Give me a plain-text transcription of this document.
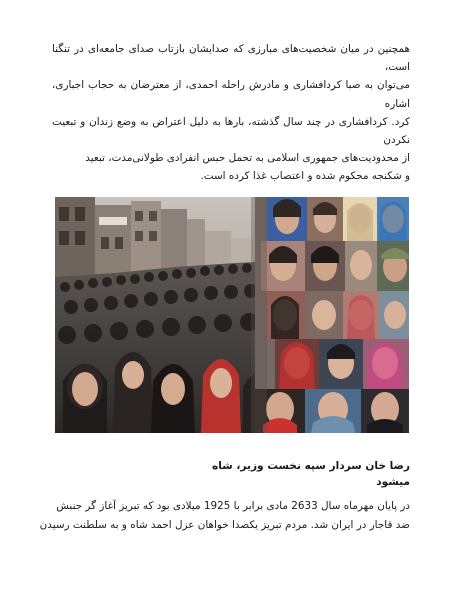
همچنین در میان شخصیت‌های مبارزی که صدایشان بازتاب صدای جامعه‌ای در تنگنا است،
می‌توان به صبا کردافشاری و مادرش راحله احمدی، از معترضان به حجاب اجباری، اشاره
کرد. کردافشاری در چند سال گذشته، بارها به دلیل اعتراض به وضع زندان و تبعیت نکردن
از محدودیت‌های جمهوری اسلامی به تحمل حبس انفرادی طولانی‌مدت، تبعید
و شکنجه محکوم شده و اعتصاب غذا کرده است.
رضا خان سردار سپه نخست وزیر، شاه میشود
در پایان مهرماه سال 2633 مادی برابر با 1925 میلادی بود که تبریز آغاز گر جنبش
ضد قاجار در ایران شد. مردم تبریز یکصدا خواهان عزل احمد شاه و به سلطنت رسیدن
